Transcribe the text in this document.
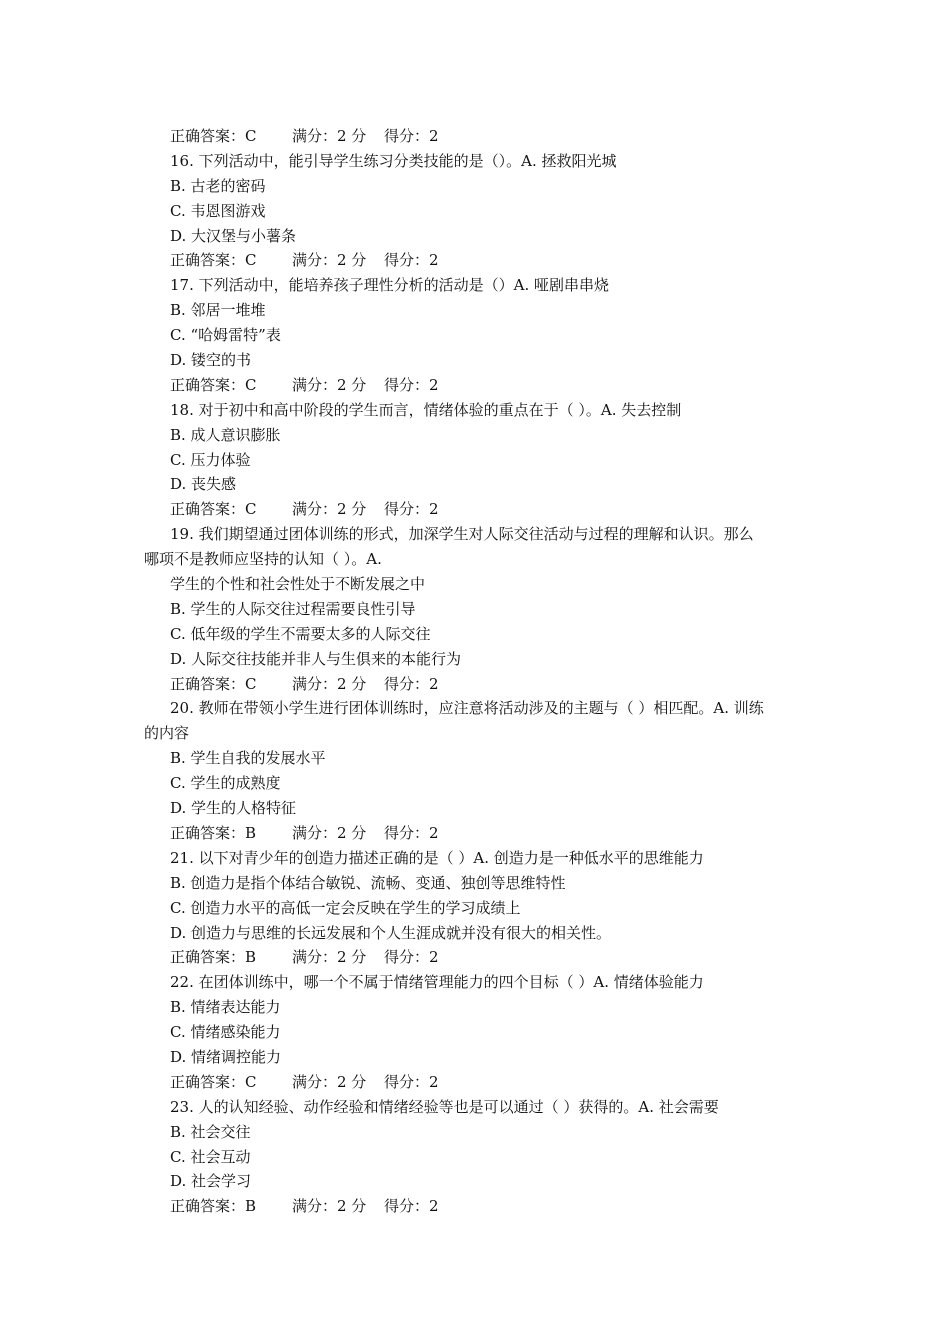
正确答案：C 满分：2 分 得分：2
16. 下列活动中，能引导学生练习分类技能的是（）。A. 拯救阳光城
B. 古老的密码
C. 韦恩图游戏
D. 大汉堡与小薯条
正确答案：C 满分：2 分 得分：2
17. 下列活动中，能培养孩子理性分析的活动是（）A. 哑剧串串烧
B. 邻居一堆堆
C. “哈姆雷特”表
D. 镂空的书
正确答案：C 满分：2 分 得分：2
18. 对于初中和高中阶段的学生而言，情绪体验的重点在于（ ）。A. 失去控制
B. 成人意识膨胀
C. 压力体验
D. 丧失感
正确答案：C 满分：2 分 得分：2
19. 我们期望通过团体训练的形式，加深学生对人际交往活动与过程的理解和认识。那么
哪项不是教师应坚持的认知（ ）。A.
学生的个性和社会性处于不断发展之中
B. 学生的人际交往过程需要良性引导
C. 低年级的学生不需要太多的人际交往
D. 人际交往技能并非人与生俱来的本能行为
正确答案：C 满分：2 分 得分：2
20. 教师在带领小学生进行团体训练时，应注意将活动涉及的主题与（ ）相匹配。A. 训练
的内容
B. 学生自我的发展水平
C. 学生的成熟度
D. 学生的人格特征
正确答案：B 满分：2 分 得分：2
21. 以下对青少年的创造力描述正确的是（ ）A. 创造力是一种低水平的思维能力
B. 创造力是指个体结合敏锐、流畅、变通、独创等思维特性
C. 创造力水平的高低一定会反映在学生的学习成绩上
D. 创造力与思维的长远发展和个人生涯成就并没有很大的相关性。
正确答案：B 满分：2 分 得分：2
22. 在团体训练中，哪一个不属于情绪管理能力的四个目标（ ）A. 情绪体验能力
B. 情绪表达能力
C. 情绪感染能力
D. 情绪调控能力
正确答案：C 满分：2 分 得分：2
23. 人的认知经验、动作经验和情绪经验等也是可以通过（ ）获得的。A. 社会需要
B. 社会交往
C. 社会互动
D. 社会学习
正确答案：B 满分：2 分 得分：2
